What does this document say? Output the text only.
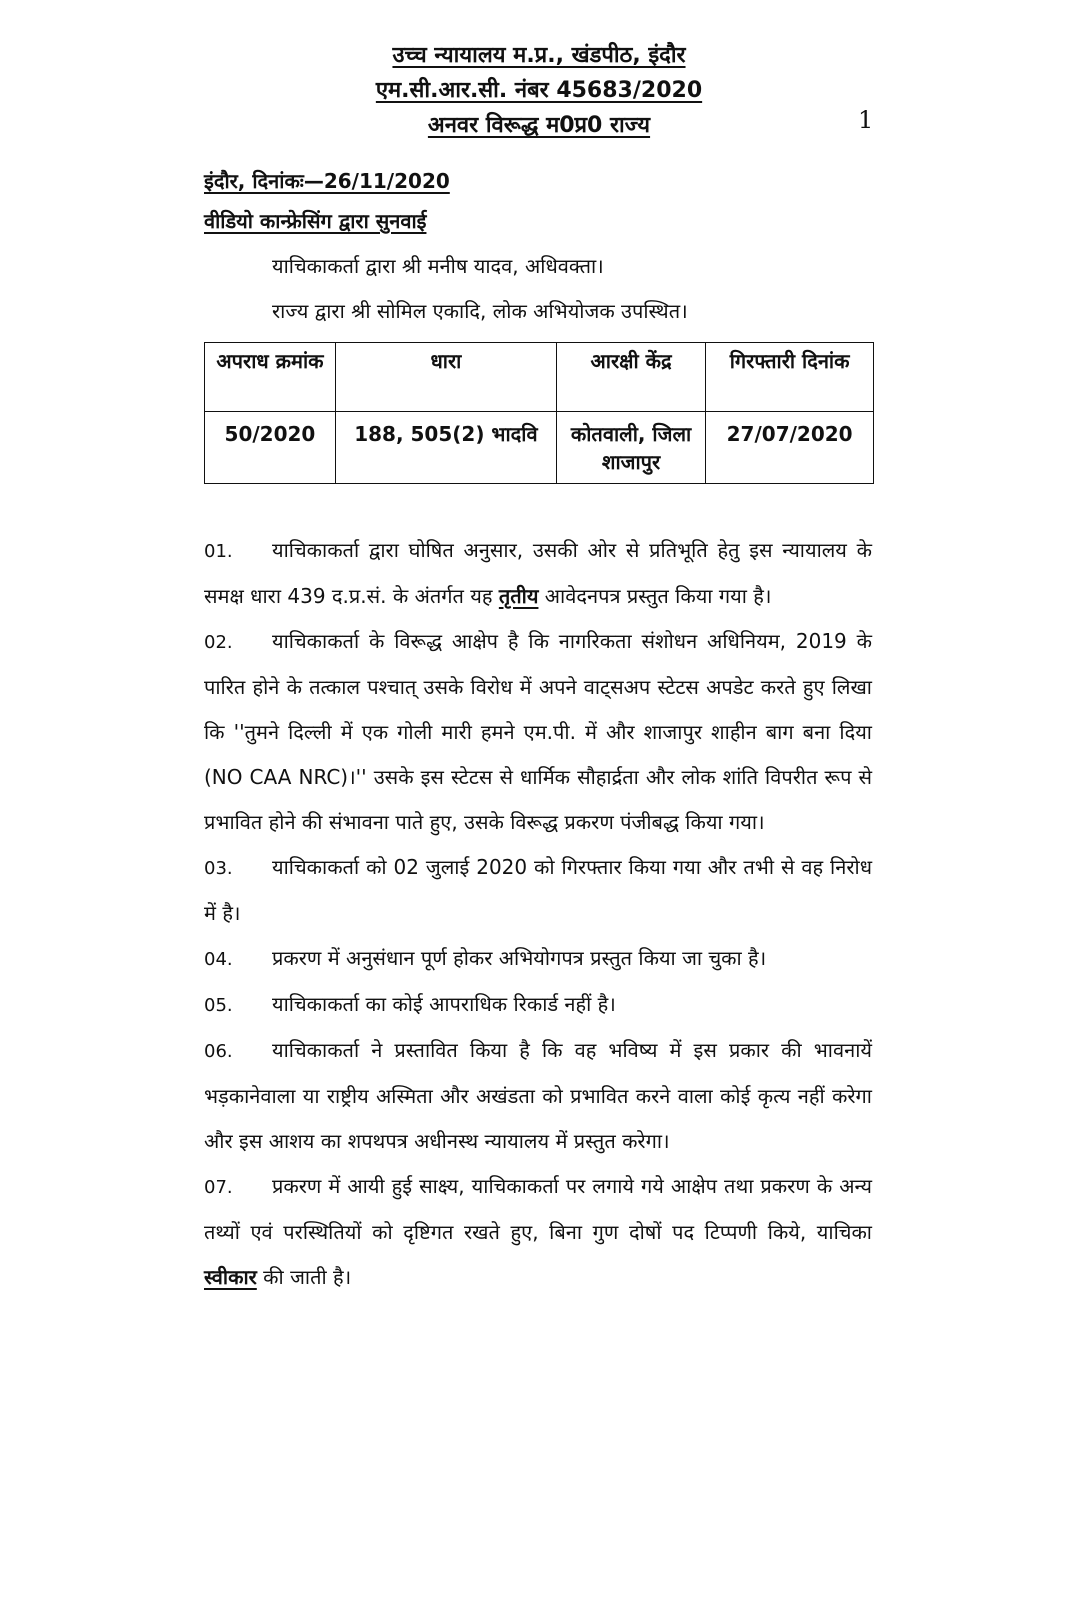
उच्च न्यायालय म.प्र., खंडपीठ, इंदौर
एम.सी.आर.सी. नंबर 45683/2020
अनवर विरूद्ध म0प्र0 राज्य	1
इंदौर, दिनांकः—26/11/2020
वीडियो कान्फ्रेसिंग द्वारा सुनवाई
याचिकाकर्ता द्वारा श्री मनीष यादव, अधिवक्ता।
राज्य द्वारा श्री सोमिल एकादि, लोक अभियोजक उपस्थित।
अपराध क्रमांक	धारा	आरक्षी केंद्र	गिरफ्तारी दिनांक
50/2020	188, 505(2) भादवि	कोतवाली, जिला शाजापुर	27/07/2020
01. याचिकाकर्ता द्वारा घोषित अनुसार, उसकी ओर से प्रतिभूति हेतु इस न्यायालय के समक्ष धारा 439 द.प्र.सं. के अंतर्गत यह तृतीय आवेदनपत्र प्रस्तुत किया गया है।
02. याचिकाकर्ता के विरूद्ध आक्षेप है कि नागरिकता संशोधन अधिनियम, 2019 के पारित होने के तत्काल पश्चात् उसके विरोध में अपने वाट्सअप स्टेटस अपडेट करते हुए लिखा कि ''तुमने दिल्ली में एक गोली मारी हमने एम.पी. में और शाजापुर शाहीन बाग बना दिया (NO CAA NRC)।'' उसके इस स्टेटस से धार्मिक सौहार्द्रता और लोक शांति विपरीत रूप से प्रभावित होने की संभावना पाते हुए, उसके विरूद्ध प्रकरण पंजीबद्ध किया गया।
03. याचिकाकर्ता को 02 जुलाई 2020 को गिरफ्तार किया गया और तभी से वह निरोध में है।
04. प्रकरण में अनुसंधान पूर्ण होकर अभियोगपत्र प्रस्तुत किया जा चुका है।
05. याचिकाकर्ता का कोई आपराधिक रिकार्ड नहीं है।
06. याचिकाकर्ता ने प्रस्तावित किया है कि वह भविष्य में इस प्रकार की भावनायें भड़कानेवाला या राष्ट्रीय अस्मिता और अखंडता को प्रभावित करने वाला कोई कृत्य नहीं करेगा और इस आशय का शपथपत्र अधीनस्थ न्यायालय में प्रस्तुत करेगा।
07. प्रकरण में आयी हुई साक्ष्य, याचिकाकर्ता पर लगाये गये आक्षेप तथा प्रकरण के अन्य तथ्यों एवं परस्थितियों को दृष्टिगत रखते हुए, बिना गुण दोषों पद टिप्पणी किये, याचिका स्वीकार की जाती है।
